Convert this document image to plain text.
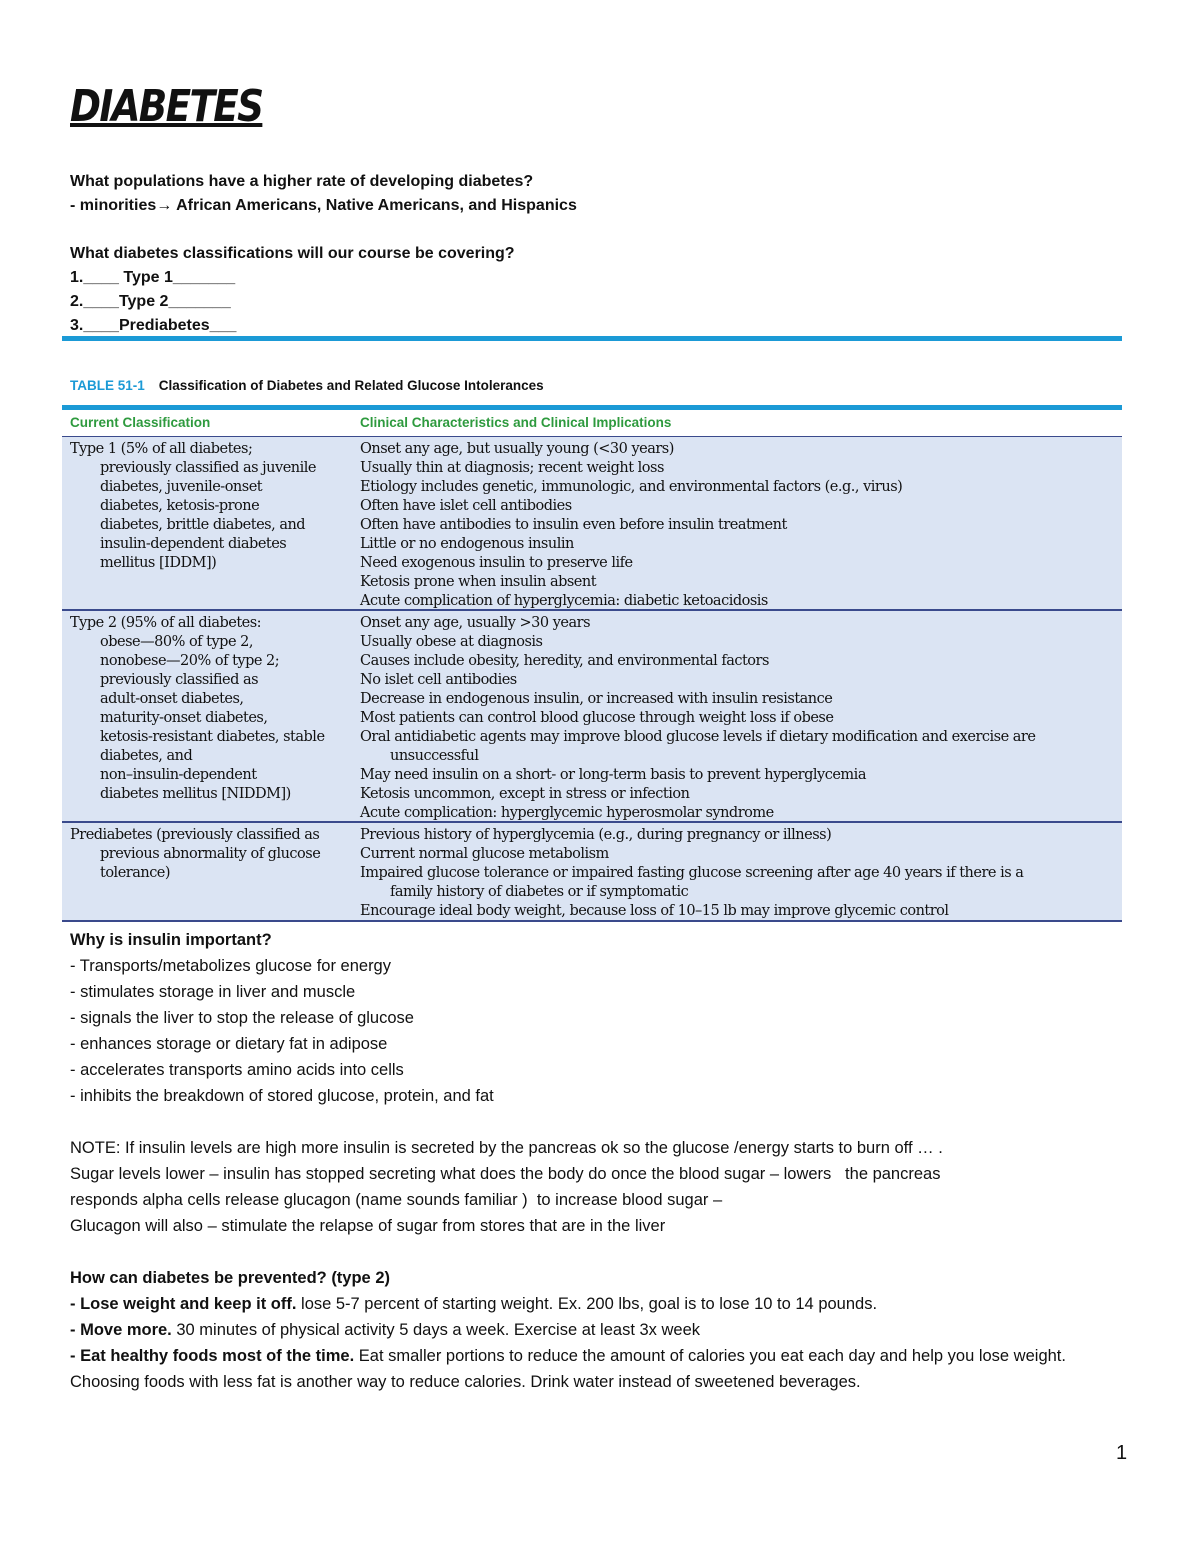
DIABETES
What populations have a higher rate of developing diabetes?
- minorities→ African Americans, Native Americans, and Hispanics
What diabetes classifications will our course be covering?
1.____ Type 1_______
2.____Type 2_______
3.____Prediabetes___
TABLE 51-1 Classification of Diabetes and Related Glucose Intolerances
Current Classification	Clinical Characteristics and Clinical Implications
Type 1 (5% of all diabetes;
previously classified as juvenile
diabetes, juvenile-onset
diabetes, ketosis-prone
diabetes, brittle diabetes, and
insulin-dependent diabetes
mellitus [IDDM])
Onset any age, but usually young (<30 years)
Usually thin at diagnosis; recent weight loss
Etiology includes genetic, immunologic, and environmental factors (e.g., virus)
Often have islet cell antibodies
Often have antibodies to insulin even before insulin treatment
Little or no endogenous insulin
Need exogenous insulin to preserve life
Ketosis prone when insulin absent
Acute complication of hyperglycemia: diabetic ketoacidosis
Type 2 (95% of all diabetes:
obese—80% of type 2,
nonobese—20% of type 2;
previously classified as
adult-onset diabetes,
maturity-onset diabetes,
ketosis-resistant diabetes, stable
diabetes, and
non–insulin-dependent
diabetes mellitus [NIDDM])
Onset any age, usually >30 years
Usually obese at diagnosis
Causes include obesity, heredity, and environmental factors
No islet cell antibodies
Decrease in endogenous insulin, or increased with insulin resistance
Most patients can control blood glucose through weight loss if obese
Oral antidiabetic agents may improve blood glucose levels if dietary modification and exercise are
unsuccessful
May need insulin on a short- or long-term basis to prevent hyperglycemia
Ketosis uncommon, except in stress or infection
Acute complication: hyperglycemic hyperosmolar syndrome
Prediabetes (previously classified as
previous abnormality of glucose
tolerance)
Previous history of hyperglycemia (e.g., during pregnancy or illness)
Current normal glucose metabolism
Impaired glucose tolerance or impaired fasting glucose screening after age 40 years if there is a
family history of diabetes or if symptomatic
Encourage ideal body weight, because loss of 10–15 lb may improve glycemic control
Why is insulin important?
- Transports/metabolizes glucose for energy
- stimulates storage in liver and muscle
- signals the liver to stop the release of glucose
- enhances storage or dietary fat in adipose
- accelerates transports amino acids into cells
- inhibits the breakdown of stored glucose, protein, and fat
NOTE: If insulin levels are high more insulin is secreted by the pancreas ok so the glucose /energy starts to burn off … .
Sugar levels lower – insulin has stopped secreting what does the body do once the blood sugar – lowers   the pancreas
responds alpha cells release glucagon (name sounds familiar )  to increase blood sugar –
Glucagon will also – stimulate the relapse of sugar from stores that are in the liver
How can diabetes be prevented? (type 2)
- Lose weight and keep it off. lose 5-7 percent of starting weight. Ex. 200 lbs, goal is to lose 10 to 14 pounds.
- Move more. 30 minutes of physical activity 5 days a week. Exercise at least 3x week
- Eat healthy foods most of the time. Eat smaller portions to reduce the amount of calories you eat each day and help you lose weight. Choosing foods with less fat is another way to reduce calories. Drink water instead of sweetened beverages.
1
